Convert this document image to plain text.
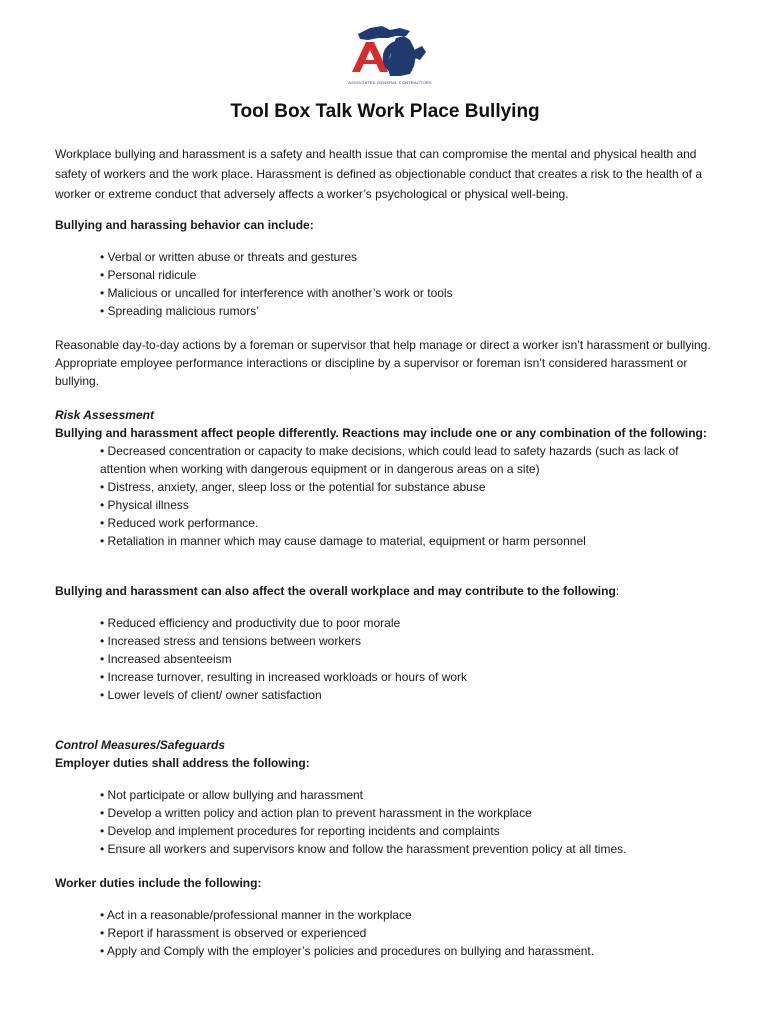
ASSOCIATED GENERAL CONTRACTORS
Tool Box Talk Work Place Bullying

Workplace bullying and harassment is a safety and health issue that can compromise the mental and physical health and safety of workers and the work place. Harassment is defined as objectionable conduct that creates a risk to the health of a worker or extreme conduct that adversely affects a worker’s psychological or physical well-being.

Bullying and harassing behavior can include:

• Verbal or written abuse or threats and gestures
• Personal ridicule
• Malicious or uncalled for interference with another’s work or tools
• Spreading malicious rumors’

Reasonable day-to-day actions by a foreman or supervisor that help manage or direct a worker isn’t harassment or bullying. Appropriate employee performance interactions or discipline by a supervisor or foreman isn’t considered harassment or bullying.

Risk Assessment

Bullying and harassment affect people differently. Reactions may include one or any combination of the following:

• Decreased concentration or capacity to make decisions, which could lead to safety hazards (such as lack of attention when working with dangerous equipment or in dangerous areas on a site)
• Distress, anxiety, anger, sleep loss or the potential for substance abuse
• Physical illness
• Reduced work performance.
• Retaliation in manner which may cause damage to material, equipment or harm personnel

Bullying and harassment can also affect the overall workplace and may contribute to the following:

• Reduced efficiency and productivity due to poor morale
• Increased stress and tensions between workers
• Increased absenteeism
• Increase turnover, resulting in increased workloads or hours of work
• Lower levels of client/ owner satisfaction

Control Measures/Safeguards

Employer duties shall address the following:

• Not participate or allow bullying and harassment
• Develop a written policy and action plan to prevent harassment in the workplace
• Develop and implement procedures for reporting incidents and complaints
• Ensure all workers and supervisors know and follow the harassment prevention policy at all times.

Worker duties include the following:

• Act in a reasonable/professional manner in the workplace
• Report if harassment is observed or experienced
• Apply and Comply with the employer’s policies and procedures on bullying and harassment.
